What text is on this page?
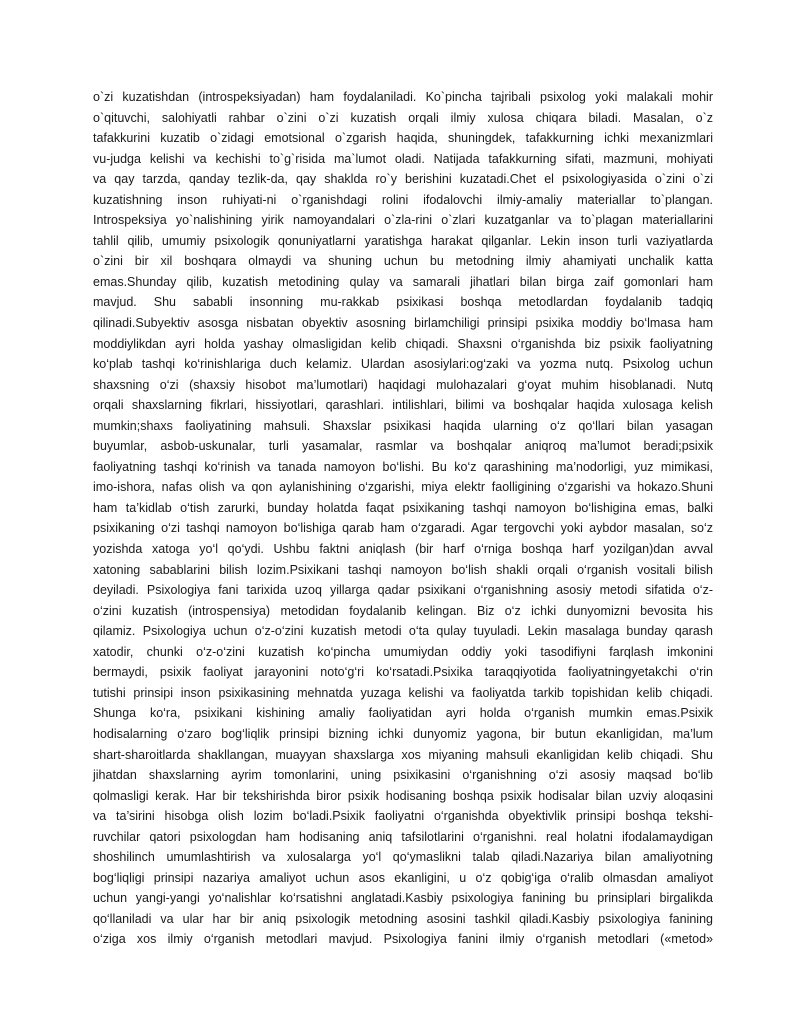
o`zi kuzatishdan (introspeksiyadan) ham foydalaniladi. Ko`pincha tajribali psixolog yoki malakali mohir
o`qituvchi, salohiyatli rahbar o`zini o`zi kuzatish orqali ilmiy xulosa chiqara biladi. Masalan, o`z
tafakkurini kuzatib o`zidagi emotsional o`zgarish haqida, shuningdek, tafakkurning ichki mexanizmlari
vu-judga kelishi va kechishi to`g`risida ma`lumot oladi. Natijada tafakkurning sifati, mazmuni, mohiyati
va qay tarzda, qanday tezlik-da, qay shaklda ro`y berishini kuzatadi.Chet el psixologiyasida o`zini o`zi
kuzatishning inson ruhiyati-ni o`rganishdagi rolini ifodalovchi ilmiy-amaliy materiallar to`plangan.
Introspeksiya yo`nalishining yirik namoyandalari o`zla-rini o`zlari kuzatganlar va to`plagan materiallarini
tahlil qilib, umumiy psixologik qonuniyatlarni yaratishga harakat qilganlar. Lekin inson turli vaziyatlarda
o`zini bir xil boshqara olmaydi va shuning uchun bu metodning ilmiy ahamiyati unchalik katta
emas.Shunday qilib, kuzatish metodining qulay va samarali jihatlari bilan birga zaif gomonlari ham
mavjud. Shu sababli insonning mu-rakkab psixikasi boshqa metodlardan foydalanib tadqiq
qilinadi.Subyektiv asosga nisbatan obyektiv asosning birlamchiligi prinsipi psixika moddiy bo‘lmasa ham
moddiylikdan ayri holda yashay olmasligidan kelib chiqadi. Shaxsni o‘rganishda biz psixik faoliyatning
ko‘plab tashqi ko‘rinishlariga duch kelamiz. Ulardan asosiylari:og‘zaki va yozma nutq. Psixolog uchun
shaxsning o‘zi (shaxsiy hisobot ma’lumotlari) haqidagi mulohazalari g‘oyat muhim hisoblanadi. Nutq
orqali shaxslarning fikrlari, hissiyotlari, qarashlari. intilishlari, bilimi va boshqalar haqida xulosaga kelish
mumkin;shaxs faoliyatining mahsuli. Shaxslar psixikasi haqida ularning o‘z qo‘llari bilan yasagan
buyumlar, asbob-uskunalar, turli yasamalar, rasmlar va boshqalar aniqroq ma’lumot beradi;psixik
faoliyatning tashqi ko‘rinish va tanada namoyon bo‘lishi. Bu ko‘z qarashining ma’nodorligi, yuz mimikasi,
imo-ishora, nafas olish va qon aylanishining o‘zgarishi, miya elektr faolligining o‘zgarishi va hokazo.Shuni
ham ta’kidlab o‘tish zarurki, bunday holatda faqat psixikaning tashqi namoyon bo‘lishigina emas, balki
psixikaning o‘zi tashqi namoyon bo‘lishiga qarab ham o‘zgaradi. Agar tergovchi yoki aybdor masalan, so‘z
yozishda xatoga yo‘l qo‘ydi. Ushbu faktni aniqlash (bir harf o‘rniga boshqa harf yozilgan)dan avval
xatoning sabablarini bilish lozim.Psixikani tashqi namoyon bo‘lish shakli orqali o‘rganish vositali bilish
deyiladi. Psixologiya fani tarixida uzoq yillarga qadar psixikani o‘rganishning asosiy metodi sifatida o‘z-
o‘zini kuzatish (introspensiya) metodidan foydalanib kelingan. Biz o‘z ichki dunyomizni bevosita his
qilamiz. Psixologiya uchun o‘z-o‘zini kuzatish metodi o‘ta qulay tuyuladi. Lekin masalaga bunday qarash
xatodir, chunki o‘z-o‘zini kuzatish ko‘pincha umumiydan oddiy yoki tasodifiyni farqlash imkonini
bermaydi, psixik faoliyat jarayonini noto‘g‘ri ko‘rsatadi.Psixika taraqqiyotida faoliyatningyetakchi o‘rin
tutishi prinsipi inson psixikasining mehnatda yuzaga kelishi va faoliyatda tarkib topishidan kelib chiqadi.
Shunga ko‘ra, psixikani kishining amaliy faoliyatidan ayri holda o‘rganish mumkin emas.Psixik
hodisalarning o‘zaro bog‘liqlik prinsipi bizning ichki dunyomiz yagona, bir butun ekanligidan, ma’lum
shart-sharoitlarda shakllangan, muayyan shaxslarga xos miyaning mahsuli ekanligidan kelib chiqadi. Shu
jihatdan shaxslarning ayrim tomonlarini, uning psixikasini o‘rganishning o‘zi asosiy maqsad bo‘lib
qolmasligi kerak. Har bir tekshirishda biror psixik hodisaning boshqa psixik hodisalar bilan uzviy aloqasini
va ta’sirini hisobga olish lozim bo‘ladi.Psixik faoliyatni o‘rganishda obyektivlik prinsipi boshqa tekshi-
ruvchilar qatori psixologdan ham hodisaning aniq tafsilotlarini o‘rganishni. real holatni ifodalamaydigan
shoshilinch umumlashtirish va xulosalarga yo‘l qo‘ymaslikni talab qiladi.Nazariya bilan amaliyotning
bog‘liqligi prinsipi nazariya amaliyot uchun asos ekanligini, u o‘z qobig‘iga o‘ralib olmasdan amaliyot
uchun yangi-yangi yo‘nalishlar ko‘rsatishni anglatadi.Kasbiy psixologiya fanining bu prinsiplari birgalikda
qo‘llaniladi va ular har bir aniq psixologik metodning asosini tashkil qiladi.Kasbiy psixologiya fanining
o‘ziga xos ilmiy o‘rganish metodlari mavjud. Psixologiya fanini ilmiy o‘rganish metodlari («metod»
